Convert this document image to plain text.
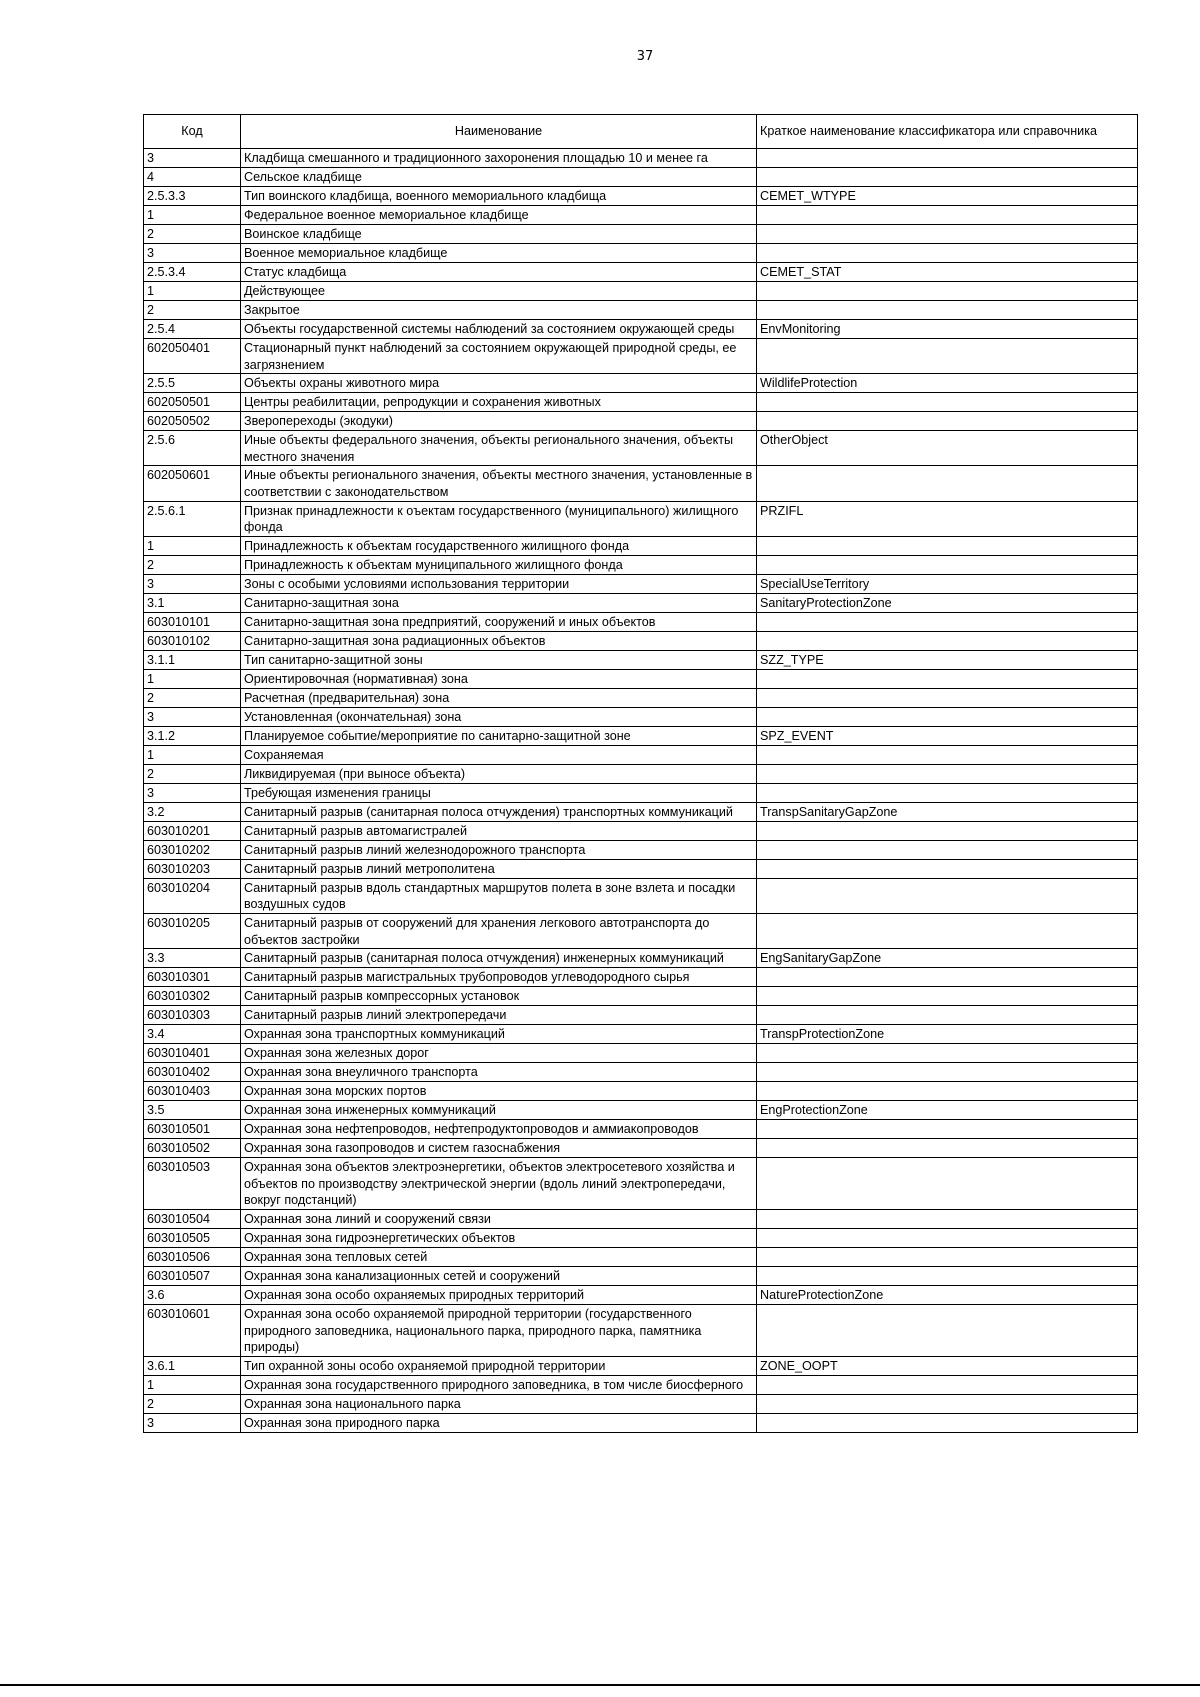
37
Код	Наименование	Краткое наименование классификатора или справочника
3	Кладбища смешанного и традиционного захоронения площадью 10 и менее га	
4	Сельское кладбище	
2.5.3.3	Тип воинского кладбища, военного мемориального кладбища	CEMET_WTYPE
1	Федеральное военное мемориальное кладбище	
2	Воинское кладбище	
3	Военное мемориальное кладбище	
2.5.3.4	Статус кладбища	CEMET_STAT
1	Действующее	
2	Закрытое	
2.5.4	Объекты государственной системы наблюдений за состоянием окружающей среды	EnvMonitoring
602050401	Стационарный пункт наблюдений за состоянием окружающей природной среды, ее загрязнением	
2.5.5	Объекты охраны животного мира	WildlifeProtection
602050501	Центры реабилитации, репродукции и сохранения животных	
602050502	Зверопереходы (экодуки)	
2.5.6	Иные объекты федерального значения, объекты регионального значения, объекты местного значения	OtherObject
602050601	Иные объекты регионального значения, объекты местного значения, установленные в соответствии с законодательством	
2.5.6.1	Признак принадлежности к оъектам государственного (муниципального) жилищного фонда	PRZIFL
1	Принадлежность к объектам государственного жилищного фонда	
2	Принадлежность к объектам муниципального жилищного фонда	
3	Зоны с особыми условиями использования территории	SpecialUseTerritory
3.1	Санитарно-защитная зона	SanitaryProtectionZone
603010101	Санитарно-защитная зона предприятий, сооружений и иных объектов	
603010102	Санитарно-защитная зона радиационных объектов	
3.1.1	Тип санитарно-защитной зоны	SZZ_TYPE
1	Ориентировочная (нормативная) зона	
2	Расчетная (предварительная) зона	
3	Установленная (окончательная) зона	
3.1.2	Планируемое событие/мероприятие по санитарно-защитной зоне	SPZ_EVENT
1	Сохраняемая	
2	Ликвидируемая (при выносе объекта)	
3	Требующая изменения границы	
3.2	Санитарный разрыв (санитарная полоса отчуждения) транспортных коммуникаций	TranspSanitaryGapZone
603010201	Санитарный разрыв автомагистралей	
603010202	Санитарный разрыв линий железнодорожного транспорта	
603010203	Санитарный разрыв линий метрополитена	
603010204	Санитарный разрыв вдоль стандартных маршрутов полета в зоне взлета и посадки воздушных судов	
603010205	Санитарный разрыв от сооружений для хранения легкового автотранспорта до объектов застройки	
3.3	Санитарный разрыв (санитарная полоса отчуждения) инженерных коммуникаций	EngSanitaryGapZone
603010301	Санитарный разрыв магистральных трубопроводов углеводородного сырья	
603010302	Санитарный разрыв компрессорных установок	
603010303	Санитарный разрыв линий электропередачи	
3.4	Охранная зона транспортных коммуникаций	TranspProtectionZone
603010401	Охранная зона железных дорог	
603010402	Охранная зона внеуличного транспорта	
603010403	Охранная зона морских портов	
3.5	Охранная зона инженерных коммуникаций	EngProtectionZone
603010501	Охранная зона нефтепроводов, нефтепродуктопроводов и аммиакопроводов	
603010502	Охранная зона газопроводов и систем газоснабжения	
603010503	Охранная зона объектов электроэнергетики, объектов электросетевого хозяйства и объектов по производству электрической энергии (вдоль линий электропередачи, вокруг подстанций)	
603010504	Охранная зона линий и сооружений связи	
603010505	Охранная зона гидроэнергетических объектов	
603010506	Охранная зона тепловых сетей	
603010507	Охранная зона канализационных сетей и сооружений	
3.6	Охранная зона особо охраняемых природных территорий	NatureProtectionZone
603010601	Охранная зона особо охраняемой природной территории (государственного природного заповедника, национального парка, природного парка, памятника природы)	
3.6.1	Тип охранной зоны особо охраняемой природной территории	ZONE_OOPT
1	Охранная зона государственного природного заповедника, в том числе биосферного	
2	Охранная зона национального парка	
3	Охранная зона природного парка	
